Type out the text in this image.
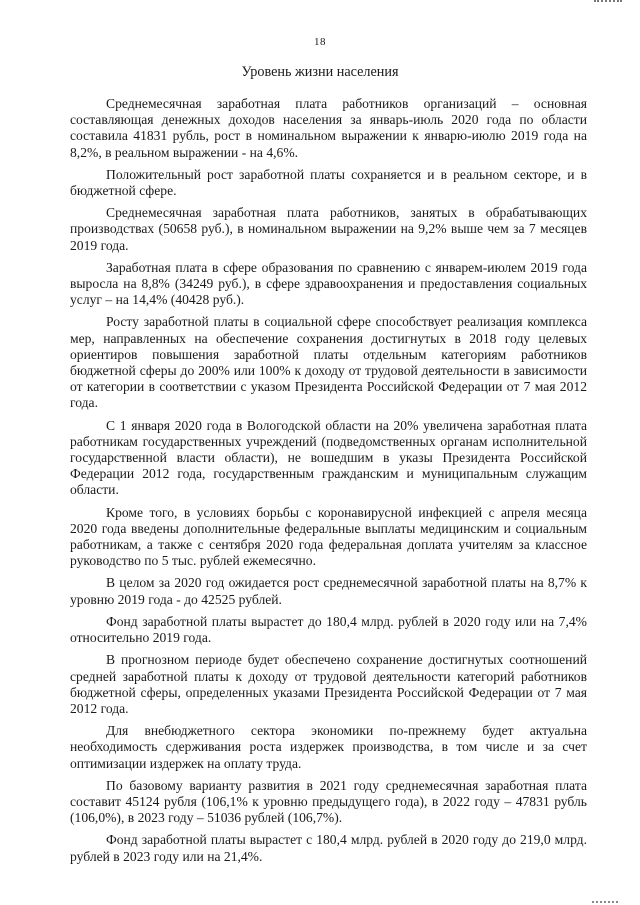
18
Уровень жизни населения

Среднемесячная заработная плата работников организаций – основная составляющая денежных доходов населения за январь-июль 2020 года по области составила 41831 рубль, рост в номинальном выражении к январю-июлю 2019 года на 8,2%, в реальном выражении - на 4,6%.

Положительный рост заработной платы сохраняется и в реальном секторе, и в бюджетной сфере.

Среднемесячная заработная плата работников, занятых в обрабатывающих производствах (50658 руб.), в номинальном выражении на 9,2% выше чем за 7 месяцев 2019 года.

Заработная плата в сфере образования по сравнению с январем-июлем 2019 года выросла на 8,8% (34249 руб.), в сфере здравоохранения и предоставления социальных услуг – на 14,4% (40428 руб.).

Росту заработной платы в социальной сфере способствует реализация комплекса мер, направленных на обеспечение сохранения достигнутых в 2018 году целевых ориентиров повышения заработной платы отдельным категориям работников бюджетной сферы до 200% или 100% к доходу от трудовой деятельности в зависимости от категории в соответствии с указом Президента Российской Федерации от 7 мая 2012 года.

С 1 января 2020 года в Вологодской области на 20% увеличена заработная плата работникам государственных учреждений (подведомственных органам исполнительной государственной власти области), не вошедшим в указы Президента Российской Федерации 2012 года, государственным гражданским и муниципальным служащим области.

Кроме того, в условиях борьбы с коронавирусной инфекцией с апреля месяца 2020 года введены дополнительные федеральные выплаты медицинским и социальным работникам, а также с сентября 2020 года федеральная доплата учителям за классное руководство по 5 тыс. рублей ежемесячно.

В целом за 2020 год ожидается рост среднемесячной заработной платы на 8,7% к уровню 2019 года - до 42525 рублей.

Фонд заработной платы вырастет до 180,4 млрд. рублей в 2020 году или на 7,4% относительно 2019 года.

В прогнозном периоде будет обеспечено сохранение достигнутых соотношений средней заработной платы к доходу от трудовой деятельности категорий работников бюджетной сферы, определенных указами Президента Российской Федерации от 7 мая 2012 года.

Для внебюджетного сектора экономики по-прежнему будет актуальна необходимость сдерживания роста издержек производства, в том числе и за счет оптимизации издержек на оплату труда.

По базовому варианту развития в 2021 году среднемесячная заработная плата составит 45124 рубля (106,1% к уровню предыдущего года), в 2022 году – 47831 рубль (106,0%), в 2023 году – 51036 рублей (106,7%).

Фонд заработной платы вырастет с 180,4 млрд. рублей в 2020 году до 219,0 млрд. рублей в 2023 году или на 21,4%.
